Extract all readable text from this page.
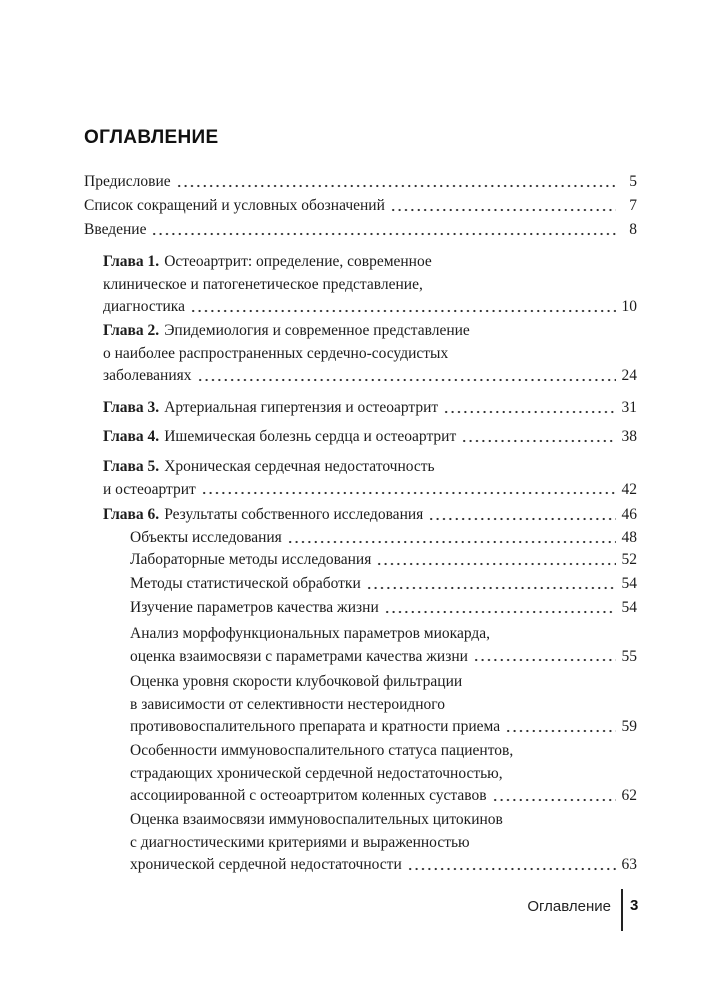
ОГЛАВЛЕНИЕ
Предисловие	5
Список сокращений и условных обозначений	7
Введение	8
Глава 1. Остеоартрит: определение, современное
клиническое и патогенетическое представление,
диагностика	10
Глава 2. Эпидемиология и современное представление
о наиболее распространенных сердечно-сосудистых
заболеваниях	24
Глава 3. Артериальная гипертензия и остеоартрит	31
Глава 4. Ишемическая болезнь сердца и остеоартрит	38
Глава 5. Хроническая сердечная недостаточность
и остеоартрит	42
Глава 6. Результаты собственного исследования	46
Объекты исследования	48
Лабораторные методы исследования	52
Методы статистической обработки	54
Изучение параметров качества жизни	54
Анализ морфофункциональных параметров миокарда,
оценка взаимосвязи с параметрами качества жизни	55
Оценка уровня скорости клубочковой фильтрации
в зависимости от селективности нестероидного
противовоспалительного препарата и кратности приема	59
Особенности иммуновоспалительного статуса пациентов,
страдающих хронической сердечной недостаточностью,
ассоциированной с остеоартритом коленных суставов	62
Оценка взаимосвязи иммуновоспалительных цитокинов
с диагностическими критериями и выраженностью
хронической сердечной недостаточности	63
Оглавление 3
